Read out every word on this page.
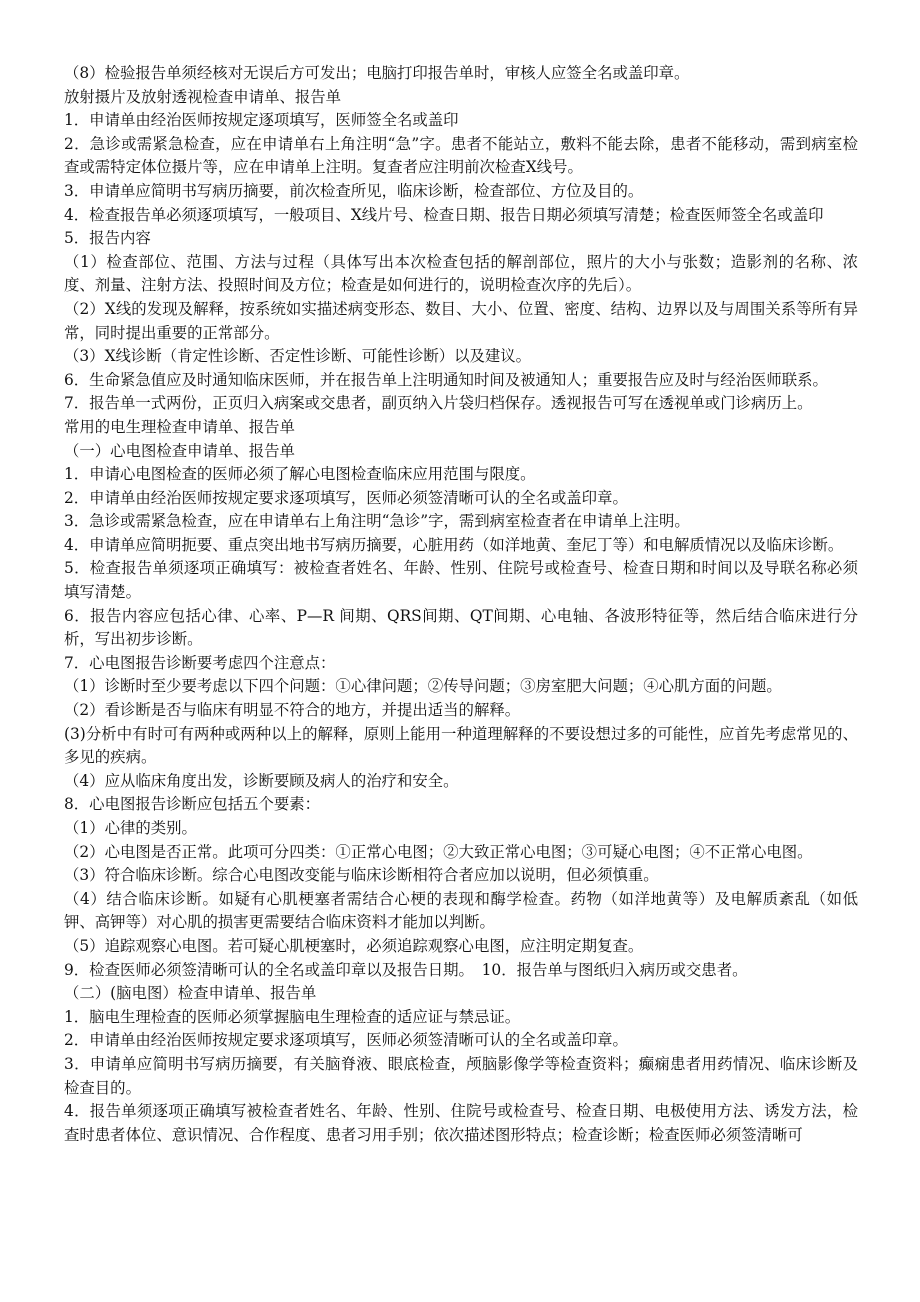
（8）检验报告单须经核对无误后方可发出；电脑打印报告单时，审核人应签全名或盖印章。

放射摄片及放射透视检查申请单、报告单

1．申请单由经治医师按规定逐项填写，医师签全名或盖印

2．急诊或需紧急检查，应在申请单右上角注明“急”字。患者不能站立，敷料不能去除，患者不能移动，需到病室检查或需特定体位摄片等，应在申请单上注明。复查者应注明前次检查X线号。

3．申请单应简明书写病历摘要，前次检查所见，临床诊断，检查部位、方位及目的。

4．检查报告单必须逐项填写，一般项目、X线片号、检查日期、报告日期必须填写清楚；检查医师签全名或盖印

5．报告内容

（1）检查部位、范围、方法与过程（具体写出本次检查包括的解剖部位，照片的大小与张数；造影剂的名称、浓度、剂量、注射方法、投照时间及方位；检查是如何进行的，说明检查次序的先后）。

（2）X线的发现及解释，按系统如实描述病变形态、数目、大小、位置、密度、结构、边界以及与周围关系等所有异常，同时提出重要的正常部分。

（3）X线诊断（肯定性诊断、否定性诊断、可能性诊断）以及建议。

6．生命紧急值应及时通知临床医师，并在报告单上注明通知时间及被通知人；重要报告应及时与经治医师联系。

7．报告单一式两份，正页归入病案或交患者，副页纳入片袋归档保存。透视报告可写在透视单或门诊病历上。

常用的电生理检查申请单、报告单

（一）心电图检查申请单、报告单

1．申请心电图检查的医师必须了解心电图检查临床应用范围与限度。

2．申请单由经治医师按规定要求逐项填写，医师必须签清晰可认的全名或盖印章。

3．急诊或需紧急检查，应在申请单右上角注明“急诊”字，需到病室检查者在申请单上注明。

4．申请单应简明扼要、重点突出地书写病历摘要，心脏用药（如洋地黄、奎尼丁等）和电解质情况以及临床诊断。

5．检查报告单须逐项正确填写：被检查者姓名、年龄、性别、住院号或检查号、检查日期和时间以及导联名称必须填写清楚。

6．报告内容应包括心律、心率、P—R 间期、QRS间期、QT间期、心电轴、各波形特征等，然后结合临床进行分析，写出初步诊断。

7．心电图报告诊断要考虑四个注意点：

（1）诊断时至少要考虑以下四个问题：①心律问题；②传导问题；③房室肥大问题；④心肌方面的问题。

（2）看诊断是否与临床有明显不符合的地方，并提出适当的解释。

(3)分析中有时可有两种或两种以上的解释，原则上能用一种道理解释的不要设想过多的可能性，应首先考虑常见的、多见的疾病。

（4）应从临床角度出发，诊断要顾及病人的治疗和安全。

8．心电图报告诊断应包括五个要素：

（1）心律的类别。

（2）心电图是否正常。此项可分四类：①正常心电图；②大致正常心电图；③可疑心电图；④不正常心电图。

（3）符合临床诊断。综合心电图改变能与临床诊断相符合者应加以说明，但必须慎重。

（4）结合临床诊断。如疑有心肌梗塞者需结合心梗的表现和酶学检查。药物（如洋地黄等）及电解质紊乱（如低钾、高钾等）对心肌的损害更需要结合临床资料才能加以判断。

（5）追踪观察心电图。若可疑心肌梗塞时，必须追踪观察心电图，应注明定期复查。

9．检查医师必须签清晰可认的全名或盖印章以及报告日期。　10．报告单与图纸归入病历或交患者。

（二）(脑电图）检查申请单、报告单

1．脑电生理检查的医师必须掌握脑电生理检查的适应证与禁忌证。

2．申请单由经治医师按规定要求逐项填写，医师必须签清晰可认的全名或盖印章。

3．申请单应简明书写病历摘要，有关脑脊液、眼底检查，颅脑影像学等检查资料；癫痫患者用药情况、临床诊断及检查目的。

4．报告单须逐项正确填写被检查者姓名、年龄、性别、住院号或检查号、检查日期、电极使用方法、诱发方法，检查时患者体位、意识情况、合作程度、患者习用手别；依次描述图形特点；检查诊断；检查医师必须签清晰可
